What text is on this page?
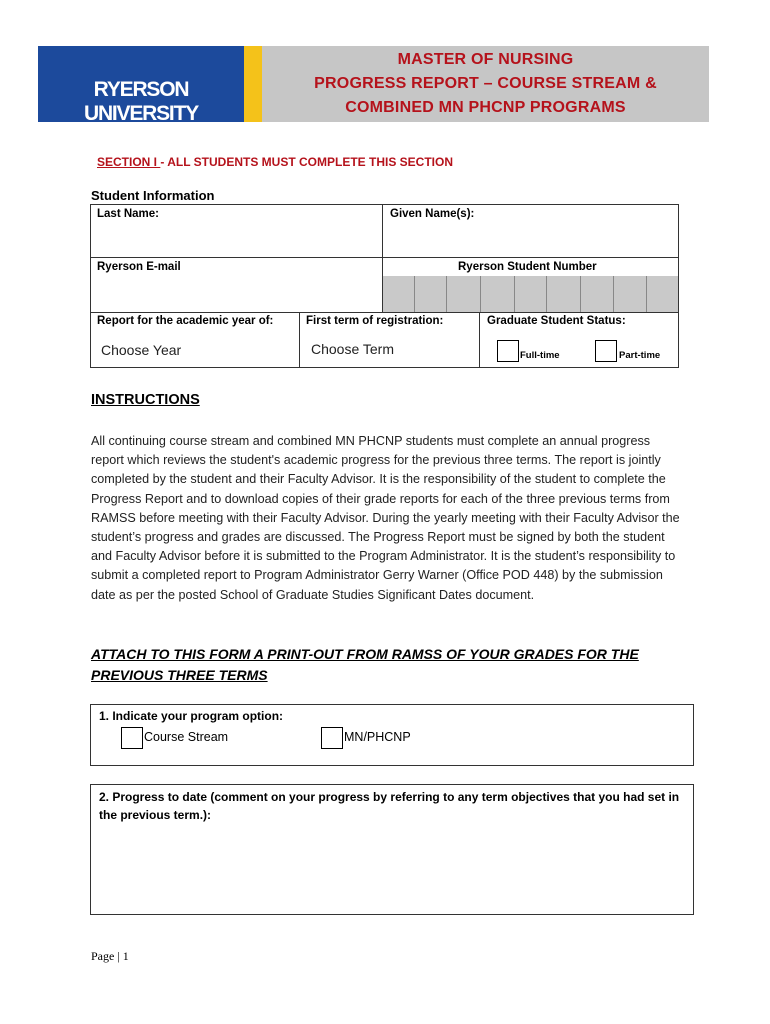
RYERSON UNIVERSITY
MASTER OF NURSING
PROGRESS REPORT – COURSE STREAM &
COMBINED MN PHCNP PROGRAMS
SECTION I - ALL STUDENTS MUST COMPLETE THIS SECTION
Student Information
Last Name:	Given Name(s):
Ryerson E-mail	Ryerson Student Number
Report for the academic year of:
Choose Year
First term of registration:
Choose Term
Graduate Student Status:
Full-time	Part-time
INSTRUCTIONS
All continuing course stream and combined MN PHCNP students must complete an annual progress report which reviews the student's academic progress for the previous three terms. The report is jointly completed by the student and their Faculty Advisor. It is the responsibility of the student to complete the Progress Report and to download copies of their grade reports for each of the three previous terms from RAMSS before meeting with their Faculty Advisor. During the yearly meeting with their Faculty Advisor the student’s progress and grades are discussed. The Progress Report must be signed by both the student and Faculty Advisor before it is submitted to the Program Administrator. It is the student’s responsibility to submit a completed report to Program Administrator Gerry Warner (Office POD 448) by the submission date as per the posted School of Graduate Studies Significant Dates document.
ATTACH TO THIS FORM A PRINT-OUT FROM RAMSS OF YOUR GRADES FOR THE PREVIOUS THREE TERMS
1. Indicate your program option:
Course Stream	MN/PHCNP
2. Progress to date (comment on your progress by referring to any term objectives that you had set in the previous term.):
Page | 1
